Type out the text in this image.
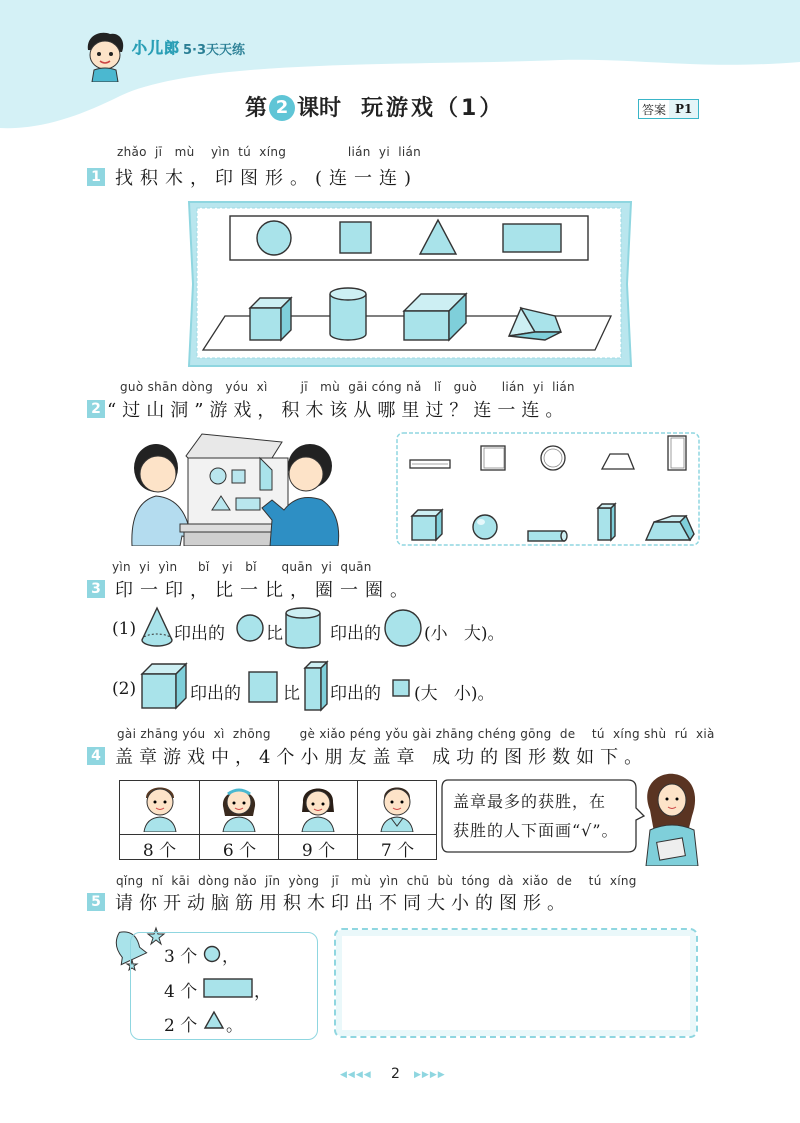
小儿郎 5·3天天练
第 2 课时 玩游戏（1）	答案 P1
zhǎo  jī   mù    yìn  tú  xíng               lián  yi  lián
1 找积木，印图形。(连一连)
guò shān dòng   yóu  xì        jī   mù  gāi cóng nǎ   lǐ   guò      lián  yi  lián
2 “过山洞”游戏，积木该从哪里过？连一连。
yìn  yi  yìn     bǐ   yi   bǐ      quān  yi  quān
3 印一印，比一比，圈一圈。
(1) 印出的 比	印出的	(小   大)。
(2)	印出的 比 印出的 (大   小)。
gài zhāng yóu  xì  zhōng       gè xiǎo péng yǒu gài zhāng chéng gōng  de    tú  xíng shù  rú  xià
4 盖章游戏中，4个小朋友盖章 成功的图形数如下。
8 个	6 个	9 个	7 个
盖章最多的获胜，在
获胜的人下面画“√”。
qǐng  nǐ  kāi  dòng nǎo  jīn  yòng   jī   mù  yìn  chū  bù  tóng  dà  xiǎo  de    tú  xíng
5 请你开动脑筋用积木印出不同大小的图形。
3 个 ，
4 个	，
2 个 。
◀◀◀◀ 2 ▶▶▶▶
